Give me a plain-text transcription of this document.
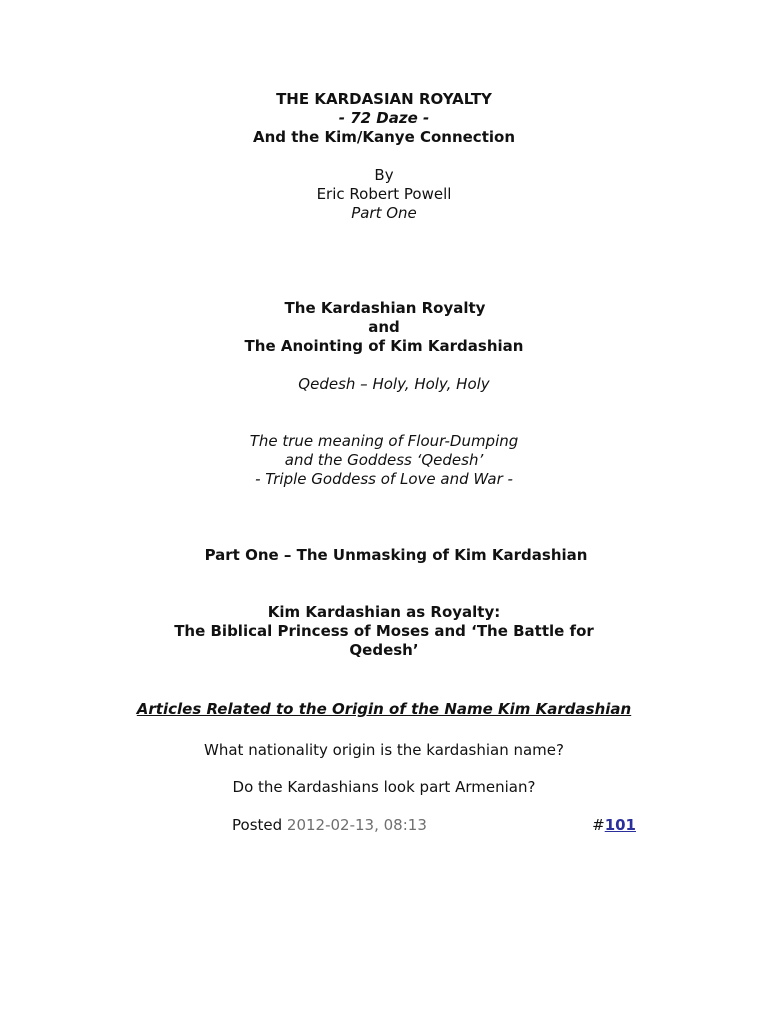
THE KARDASIAN ROYALTY
- 72 Daze -
And the Kim/Kanye Connection
By
Eric Robert Powell
Part One
The Kardashian Royalty
and
The Anointing of Kim Kardashian
Qedesh – Holy, Holy, Holy
The true meaning of Flour-Dumping
and the Goddess ‘Qedesh’
- Triple Goddess of Love and War -
Part One – The Unmasking of Kim Kardashian
Kim Kardashian as Royalty:
The Biblical Princess of Moses and ‘The Battle for
Qedesh’
Articles Related to the Origin of the Name Kim Kardashian
What nationality origin is the kardashian name?
Do the Kardashians look part Armenian?
Posted 2012-02-13, 08:13	#101
